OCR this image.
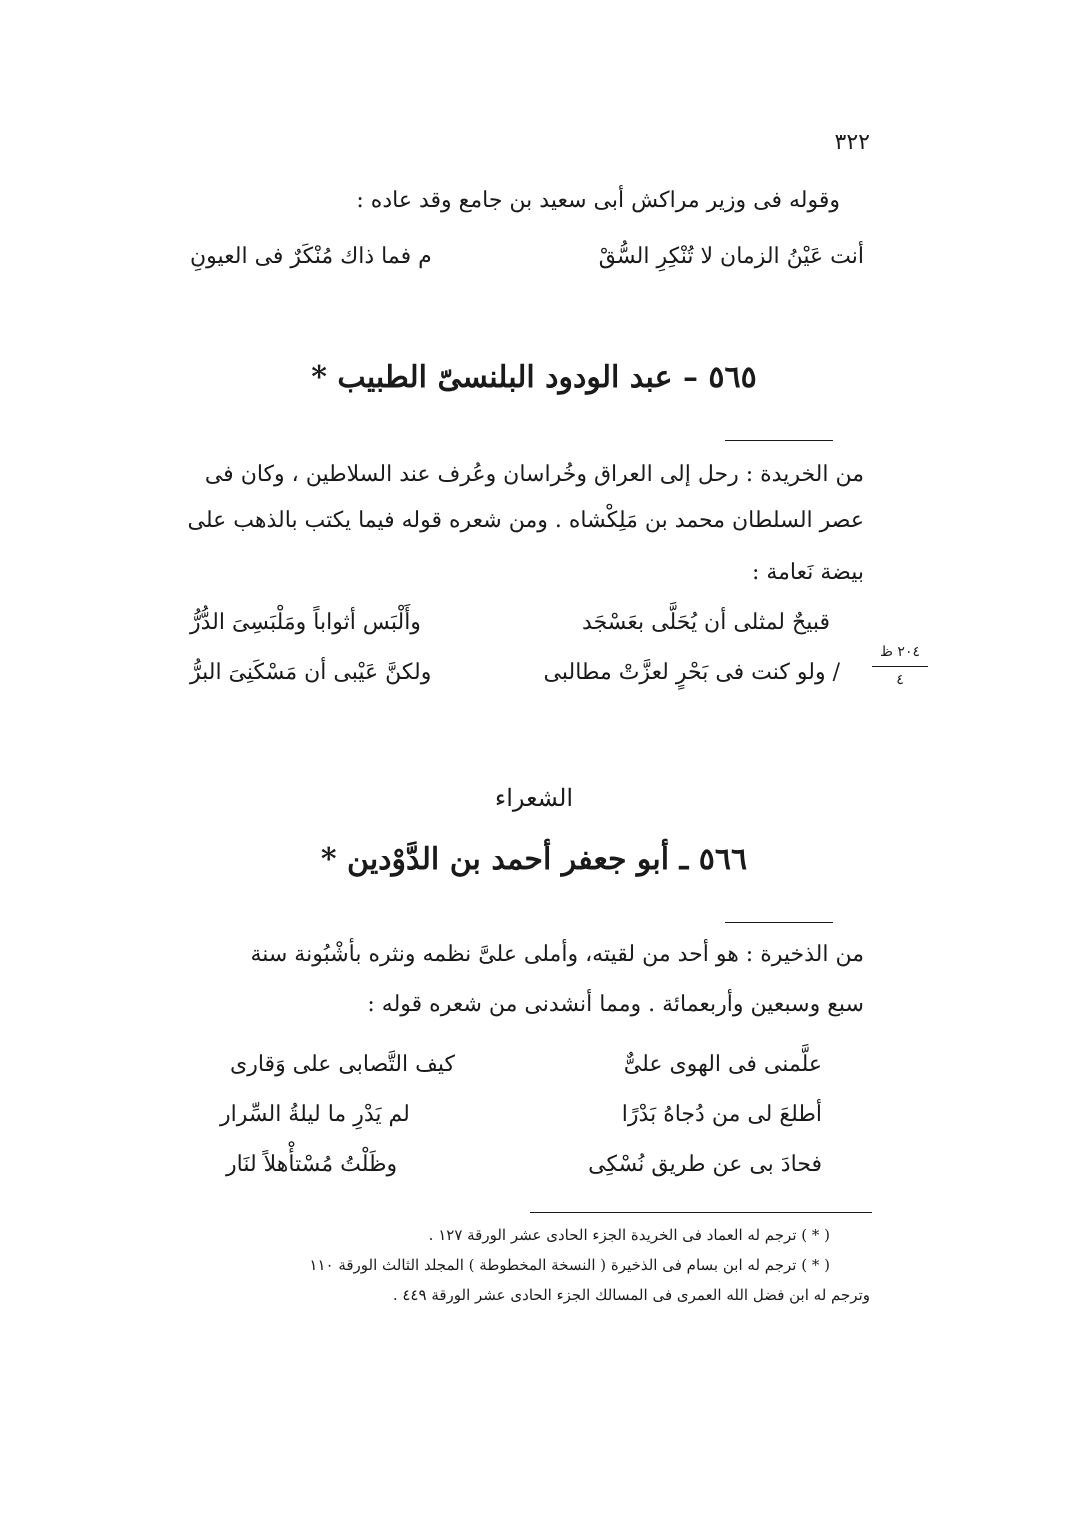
٣٢٢
وقوله فى وزير مراكش أبى سعيد بن جامع وقد عاده :
أنت عَيْنُ الزمان لا تُنْكِرِ السُّقْ
م فما ذاك مُنْكَرٌ فى العيونِ
٥٦٥ – عبد الودود البلنسىّ الطبيب *
من الخريدة : رحل إلى العراق وخُراسان وعُرف عند السلاطين ، وكان فى
عصر السلطان محمد بن مَلِكْشاه . ومن شعره قوله فيما يكتب بالذهب على
بيضة نَعامة :
قبيحٌ لمثلى أن يُحَلَّى بعَسْجَد
وأَلْبَس أثواباً ومَلْبَسِىَ الدُّرُّ
/ ولو كنت فى بَحْرٍ لعزَّتْ مطالبى
ولكنَّ عَيْبى أن مَسْكَنِىَ البرُّ
٢٠٤ ظ
٤
الشعراء
٥٦٦ ـ أبو جعفر أحمد بن الدَّوْدين *
من الذخيرة : هو أحد من لقيته، وأملى علىَّ نظمه ونثره بأشْبُونة سنة
سبع وسبعين وأربعمائة . ومما أنشدنى من شعره قوله :
علَّمنى فى الهوى علىٌّ
كيف التَّصابى على وَقارى
أطلعَ لى من دُجاهُ بَدْرًا
لم يَدْرِ ما ليلةُ السِّرار
فحادَ بى عن طريق نُسْكِى
وظَلْتُ مُسْتأْهلاً لنَار
( * ) ترجم له العماد فى الخريدة الجزء الحادى عشر الورقة ١٢٧ .
( * ) ترجم له ابن بسام فى الذخيرة ( النسخة المخطوطة ) المجلد الثالث الورقة ١١٠
وترجم له ابن فضل الله العمرى فى المسالك الجزء الحادى عشر الورقة ٤٤٩ .
